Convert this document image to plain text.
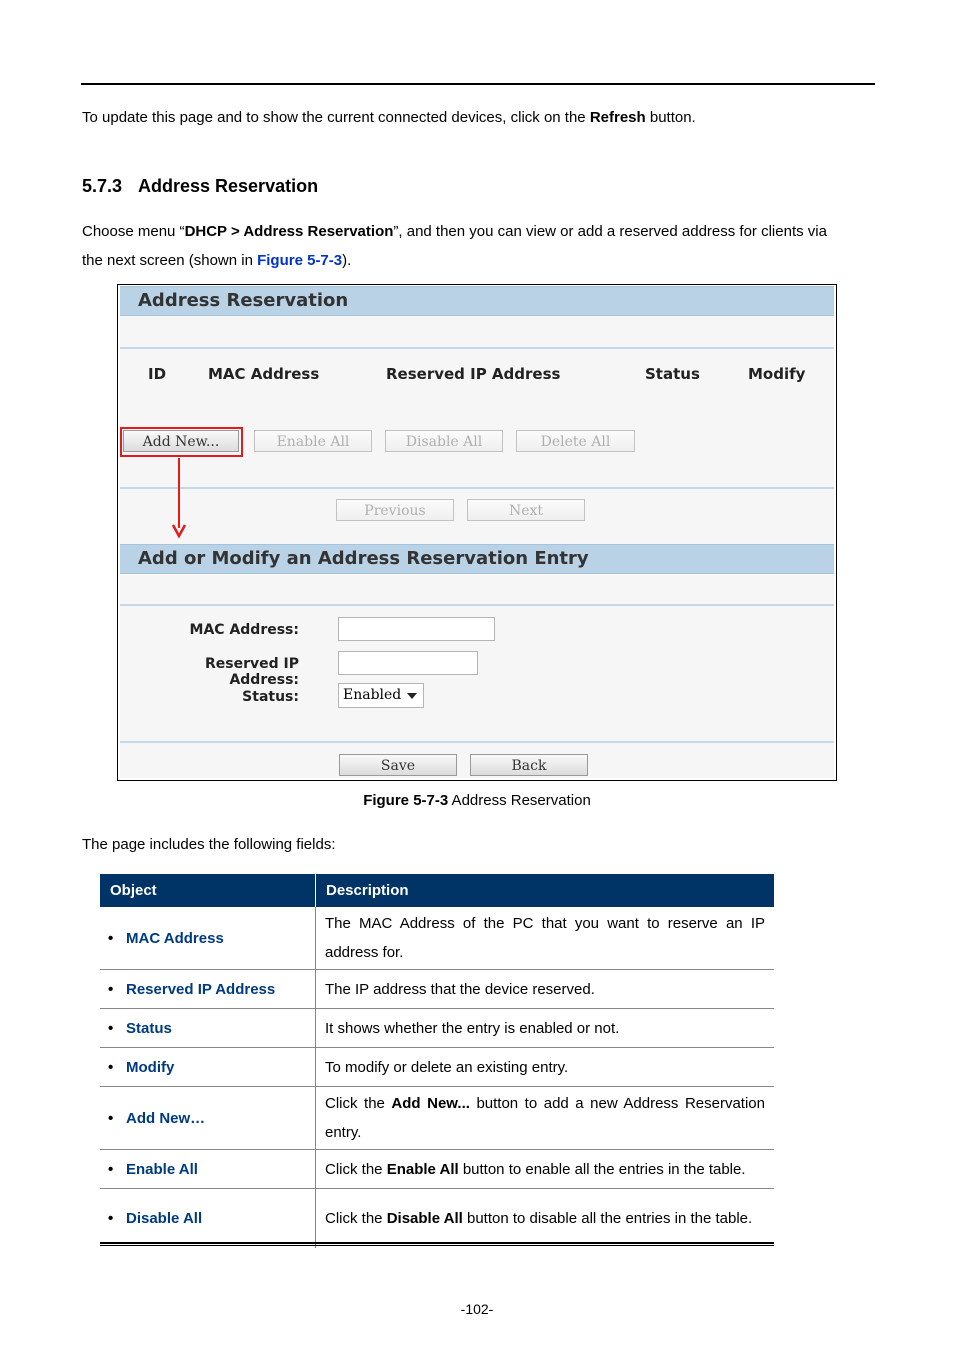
To update this page and to show the current connected devices, click on the Refresh button.
5.7.3 Address Reservation
Choose menu “DHCP > Address Reservation”, and then you can view or add a reserved address for clients via
the next screen (shown in Figure 5-7-3).
Address Reservation
ID	MAC Address	Reserved IP Address	Status	Modify
Add New...	Enable All	Disable All	Delete All
Previous	Next
Add or Modify an Address Reservation Entry
MAC Address:
Reserved IP Address:
Status:	Enabled
Save	Back
Figure 5-7-3 Address Reservation
The page includes the following fields:
Object	Description
• MAC Address	The MAC Address of the PC that you want to reserve an IP address for.
• Reserved IP Address	The IP address that the device reserved.
• Status	It shows whether the entry is enabled or not.
• Modify	To modify or delete an existing entry.
• Add New…	Click the Add New... button to add a new Address Reservation entry.
• Enable All	Click the Enable All button to enable all the entries in the table.
• Disable All	Click the Disable All button to disable all the entries in the table.
-102-
